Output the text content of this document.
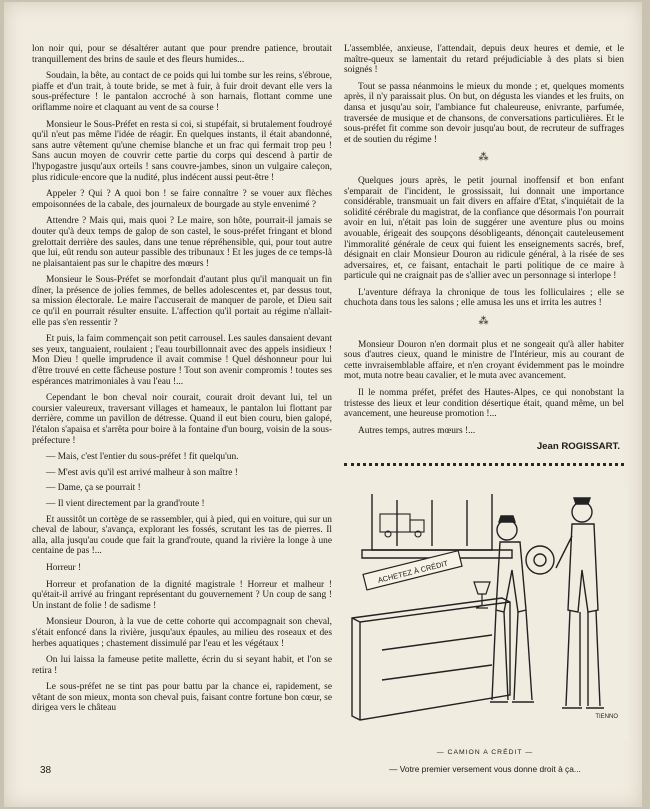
lon noir qui, pour se désaltérer autant que pour prendre patience, broutait tranquillement des brins de saule et des fleurs humides...

Soudain, la bête, au contact de ce poids qui lui tombe sur les reins, s'ébroue, piaffe et d'un trait, à toute bride, se met à fuir, à fuir droit devant elle vers la sous-préfecture ! le pantalon accroché à son harnais, flottant comme une oriflamme noire et claquant au vent de sa course !

Monsieur le Sous-Préfet en resta si coi, si stupéfait, si brutalement foudroyé qu'il n'eut pas même l'idée de réagir. En quelques instants, il était abandonné, sans autre vêtement qu'une chemise blanche et un frac qui fermait trop peu ! Sans aucun moyen de couvrir cette partie du corps qui descend à partir de l'hypogastre jusqu'aux orteils ! sans couvre-jambes, sinon un vulgaire caleçon, plus ridicule·encore que la nudité, plus indécent aussi peut-être !

Appeler ? Qui ? A quoi bon ! se faire connaître ? se vouer aux flèches empoisonnées de la cabale, des journaleux de bourgade au style envenimé ?

Attendre ? Mais qui, mais quoi ? Le maire, son hôte, pourrait-il jamais se douter qu'à deux temps de galop de son castel, le sous-préfet fringant et blond grelottait derrière des saules, dans une tenue répréhensible, qui, pour tout autre que lui, eût rendu son auteur passible des tribunaux ! Et les juges de ce temps-là ne plaisantaient pas sur le chapitre des mœurs !

Monsieur le Sous-Préfet se morfondait d'autant plus qu'il manquait un fin dîner, la présence de jolies femmes, de belles adolescentes et, par dessus tout, sa mission électorale. Le maire l'accuserait de manquer de parole, et Dieu sait ce qu'il en pourrait résulter ensuite. L'affection qu'il portait au régime n'allait-elle pas s'en ressentir ?

Et puis, la faim commençait son petit carrousel. Les saules dansaient devant ses yeux, tanguaient, roulaient ; l'eau tourbillonnait avec des appels insidieux ! Mon Dieu ! quelle imprudence il avait commise ! Quel déshonneur pour lui d'être trouvé en cette fâcheuse posture ! Tout son avenir compromis ! toutes ses espérances matrimoniales à vau l'eau !...

Cependant le bon cheval noir courait, courait droit devant lui, tel un coursier valeureux, traversant villages et hameaux, le pantalon lui flottant par derrière, comme un pavillon de détresse. Quand il eut bien couru, bien galopé, l'étalon s'apaisa et s'arrêta pour boire à la fontaine d'un bourg, voisin de la sous-préfecture !

— Mais, c'est l'entier du sous-préfet ! fit quelqu'un.

— M'est avis qu'il est arrivé malheur à son maître !

— Dame, ça se pourrait !

— Il vient directement par la grand'route !

Et aussitôt un cortège de se rassembler, qui à pied, qui en voiture, qui sur un cheval de labour, s'avança, explorant les fossés, scrutant les tas de pierres. Il alla, alla jusqu'au coude que fait la grand'route, quand la rivière la longe à une centaine de pas !...

Horreur !

Horreur et profanation de la dignité magistrale ! Horreur et malheur ! qu'était-il arrivé au fringant représentant du gouvernement ? Un coup de sang ! Un instant de folie ! de sadisme !

Monsieur Douron, à la vue de cette cohorte qui accompagnait son cheval, s'était enfoncé dans la rivière, jusqu'aux épaules, au milieu des roseaux et des herbes aquatiques ; chastement dissimulé par l'eau et les végétaux !

On lui laissa la fameuse petite mallette, écrin du si seyant habit, et l'on se retira !

Le sous-préfet ne se tint pas pour battu par la chance ei, rapidement, se vêtant de son mieux, monta son cheval puis, faisant contre fortune bon cœur, se dirigea vers le château

L'assemblée, anxieuse, l'attendait, depuis deux heures et demie, et le maître-queux se lamentait du retard préjudiciable à des plats si bien soignés !

Tout se passa néanmoins le mieux du monde ; et, quelques moments après, il n'y paraissait plus. On but, on dégusta les viandes et les fruits, on dansa et jusqu'au soir, l'ambiance fut chaleureuse, enivrante, parfumée, traversée de musique et de chansons, de conversations particulières. Et le sous-préfet fit comme son devoir jusqu'au bout, de recruteur de suffrages et de soutien du régime !

⁂

Quelques jours après, le petit journal inoffensif et bon enfant s'emparait de l'incident, le grossissait, lui donnait une importance considérable, transmuait un fait divers en affaire d'Etat, s'inquiétait de la solidité cérébrale du magistrat, de la confiance que désormais l'on pourrait avoir en lui, n'était pas loin de suggérer une aventure plus ou moins avouable, érigeait des soupçons désobligeants, dénonçait cauteleusement l'immoralité générale de ceux qui fuient les enseignements sacrés, bref, désignait en clair Monsieur Douron au ridicule général, à la risée de ses adversaires, et, ce faisant, entachait le parti politique de ce maire à particule qui ne craignait pas de s'allier avec un personnage si interlope !

L'aventure défraya la chronique de tous les folliculaires ; elle se chuchota dans tous les salons ; elle amusa les uns et irrita les autres !

⁂

Monsieur Douron n'en dormait plus et ne songeait qu'à aller habiter sous d'autres cieux, quand le ministre de l'Intérieur, mis au courant de cette invraisemblable affaire, et n'en croyant évidemment pas le moindre mot, muta notre beau cavalier, et le muta avec avancement.

Il le nomma préfet, préfet des Hautes-Alpes, ce qui nonobstant la tristesse des lieux et leur condition désertique était, quand même, un bel avancement, une heureuse promotion !...

Autres temps, autres mœurs !...

Jean ROGISSART.
ACHETEZ À CRÉDIT
TIENNO
— CAMION A CRÉDIT —
— Votre premier versement vous donne droit à ça...
38
